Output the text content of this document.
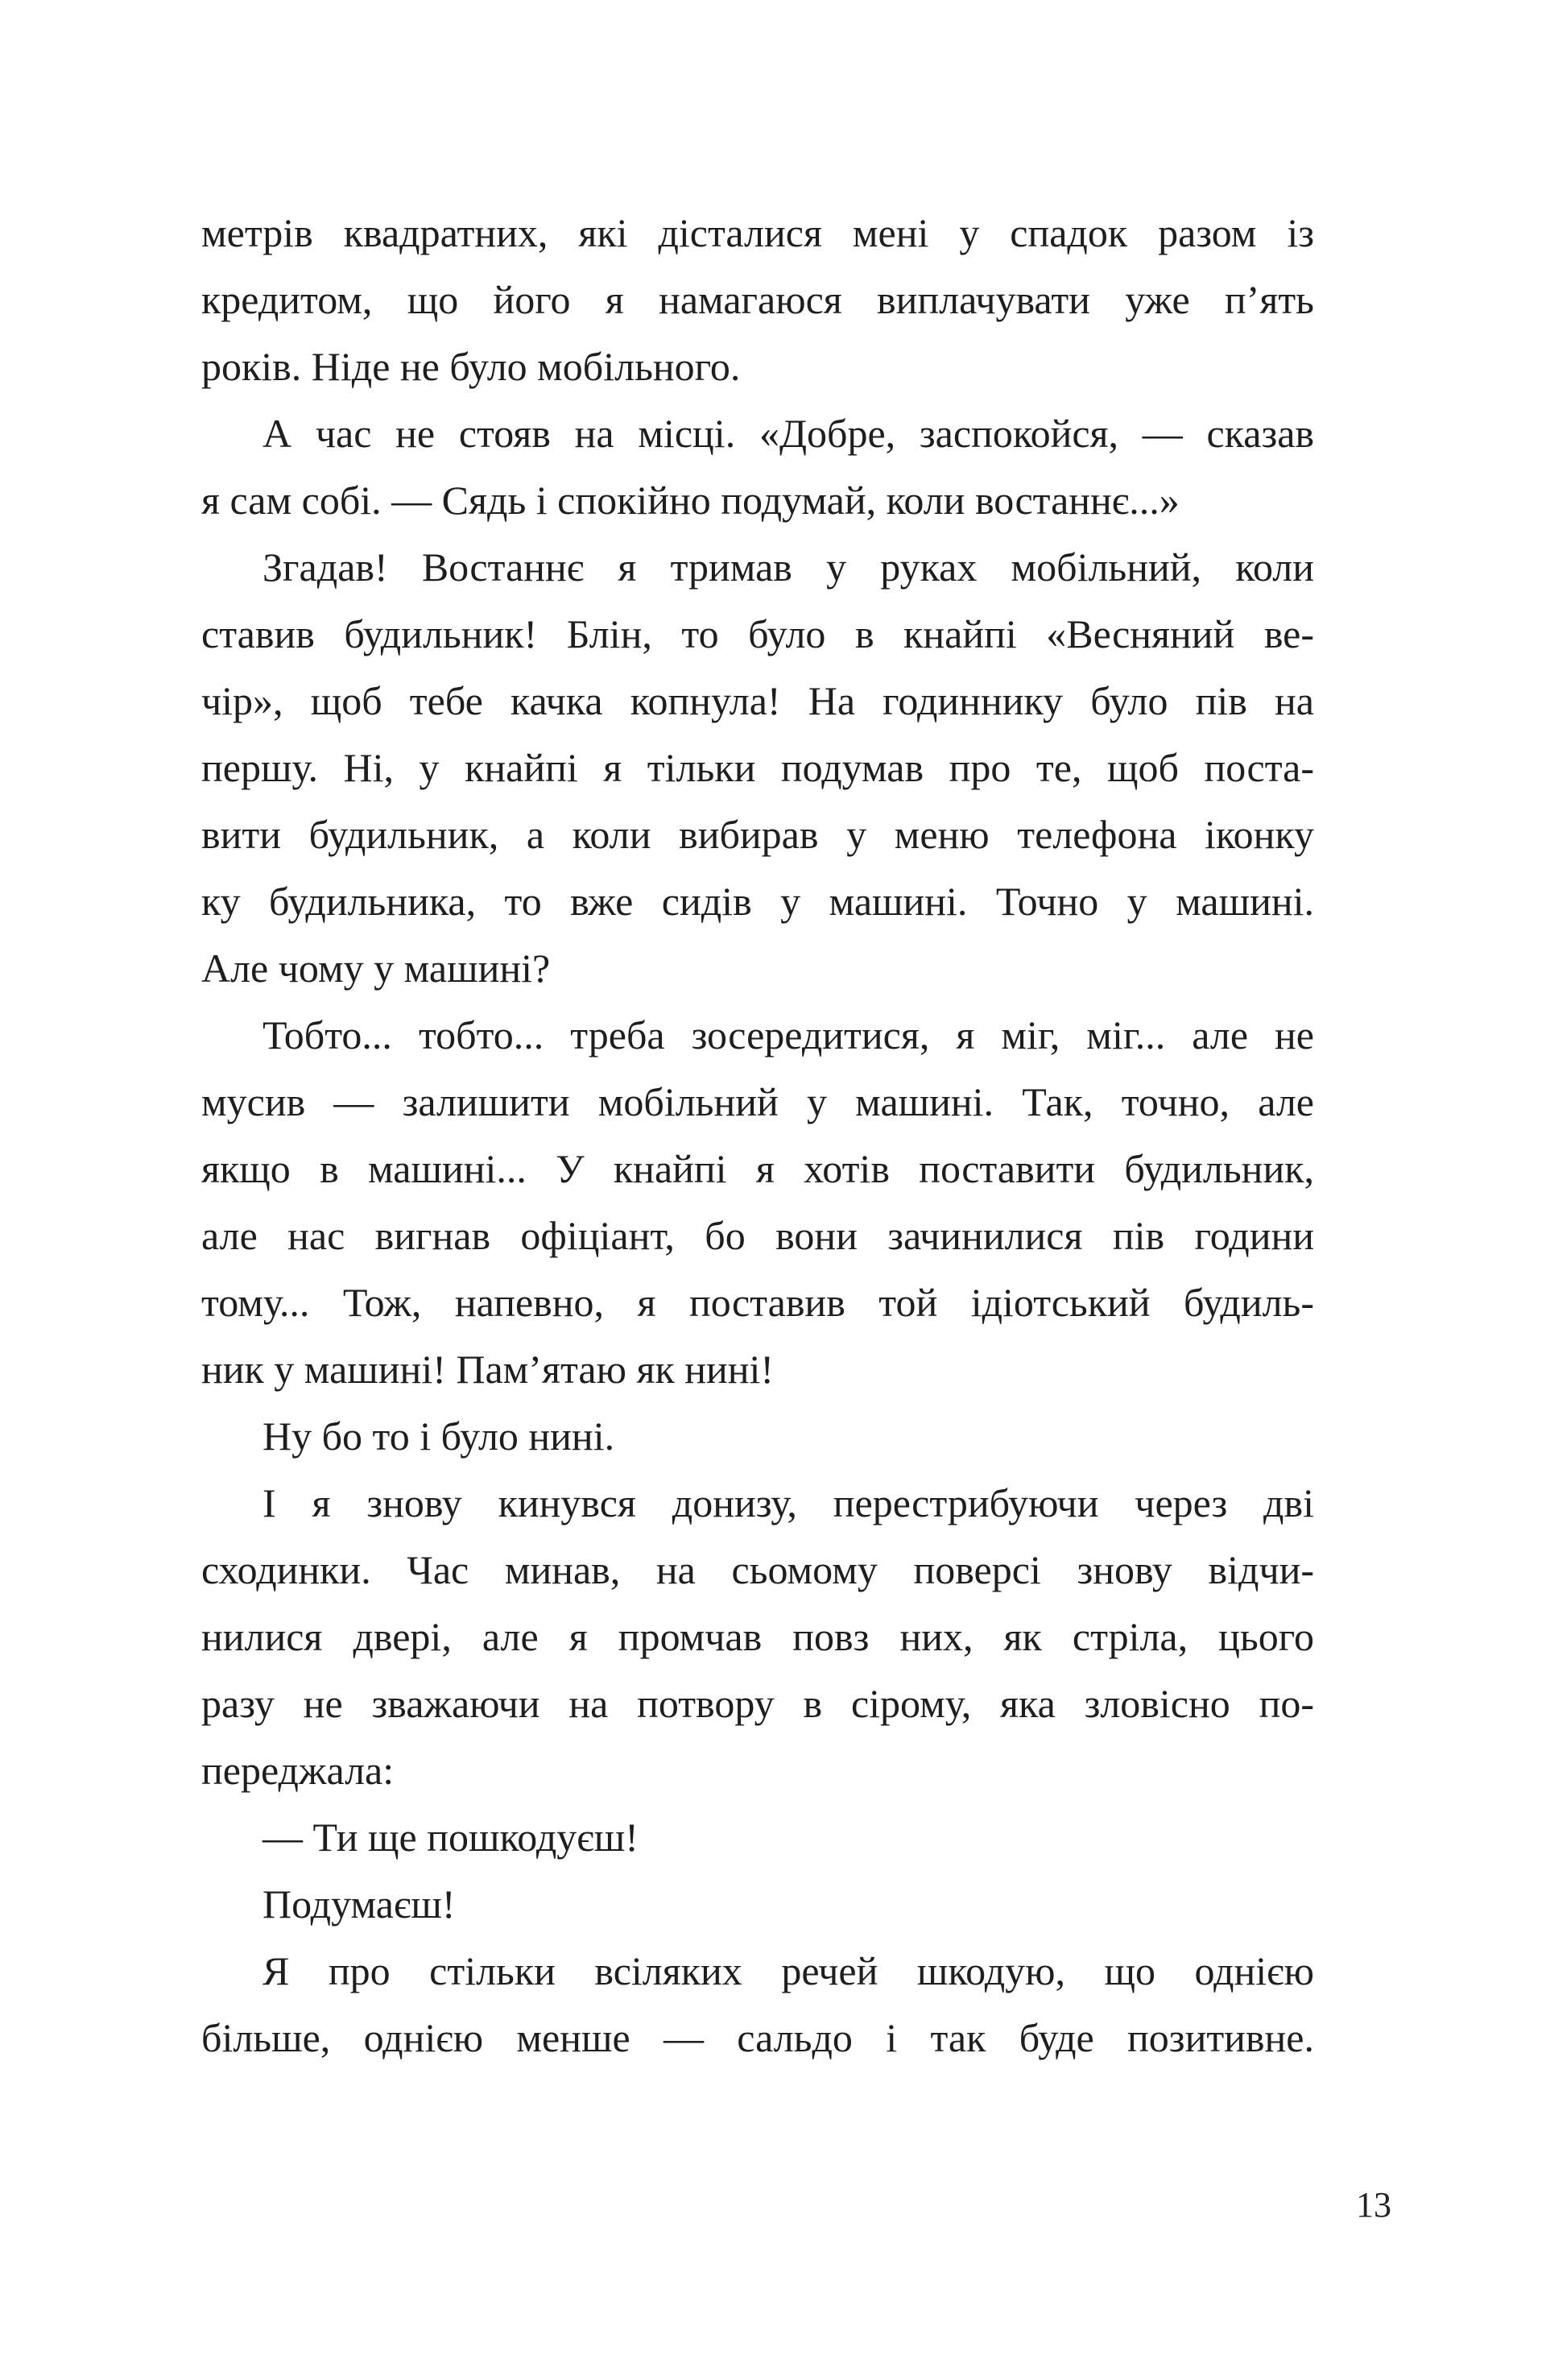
метрів квадратних, які дісталися мені у спадок разом із
кредитом, що його я намагаюся виплачувати уже п’ять
років. Ніде не було мобільного.
А час не стояв на місці. «Добре, заспокойся, — сказав
я сам собі. — Сядь і спокійно подумай, коли востаннє...»
Згадав! Востаннє я тримав у руках мобільний, коли
ставив будильник! Блін, то було в кнайпі «Весняний ве-
чір», щоб тебе качка копнула! На годиннику було пів на
першу. Ні, у кнайпі я тільки подумав про те, щоб поста-
вити будильник, а коли вибирав у меню телефона іконку
ку будильника, то вже сидів у машині. Точно у машині.
Але чому у машині?
Тобто... тобто... треба зосередитися, я міг, міг... але не
мусив — залишити мобільний у машині. Так, точно, але
якщо в машині... У кнайпі я хотів поставити будильник,
але нас вигнав офіціант, бо вони зачинилися пів години
тому... Тож, напевно, я поставив той ідіотський будиль-
ник у машині! Пам’ятаю як нині!
Ну бо то і було нині.
І я знову кинувся донизу, перестрибуючи через дві
сходинки. Час минав, на сьомому поверсі знову відчи-
нилися двері, але я промчав повз них, як стріла, цього
разу не зважаючи на потвору в сірому, яка зловісно по-
переджала:
— Ти ще пошкодуєш!
Подумаєш!
Я про стільки всіляких речей шкодую, що однією
більше, однією менше — сальдо і так буде позитивне.
13
